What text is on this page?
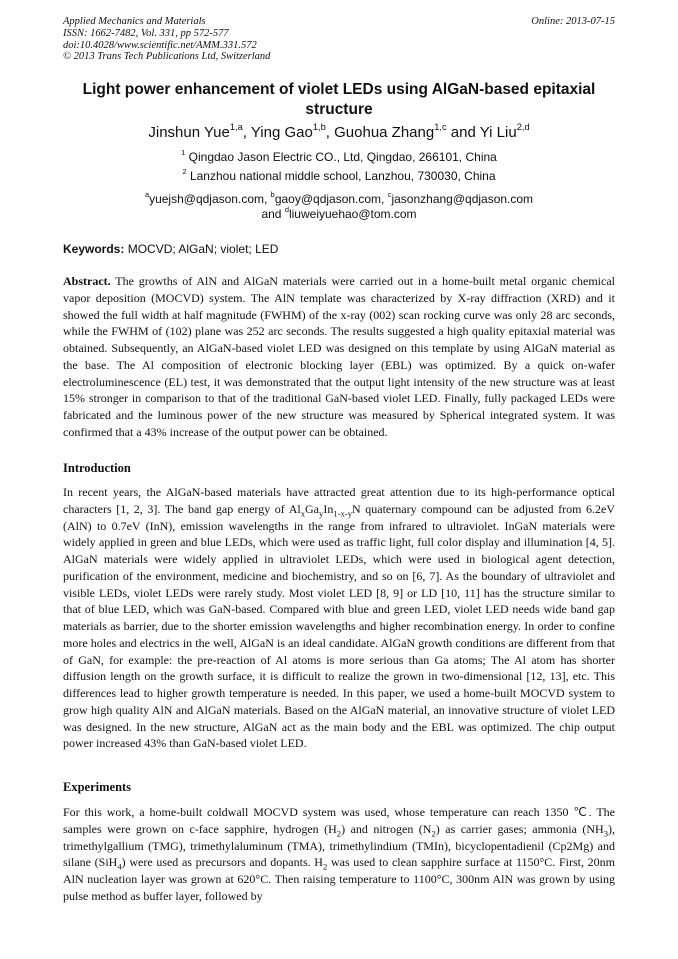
Applied Mechanics and Materials
ISSN: 1662-7482, Vol. 331, pp 572-577
doi:10.4028/www.scientific.net/AMM.331.572
© 2013 Trans Tech Publications Ltd, Switzerland
Online: 2013-07-15
Light power enhancement of violet LEDs using AlGaN-based epitaxial structure
Jinshun Yue$^{1,a}$, Ying Gao$^{1,b}$, Guohua Zhang$^{1,c}$ and Yi Liu$^{2,d}$
$^1$ Qingdao Jason Electric CO., Ltd, Qingdao, 266101, China
$^2$ Lanzhou national middle school, Lanzhou, 730030, China
$^a$yuejsh@qdjason.com, $^b$gaoy@qdjason.com, $^c$jasonzhang@qdjason.com
and $^d$liuweiyuehao@tom.com
Keywords: MOCVD; AlGaN; violet; LED
Abstract. The growths of AlN and AlGaN materials were carried out in a home-built metal organic chemical vapor deposition (MOCVD) system. The AlN template was characterized by X-ray diffraction (XRD) and it showed the full width at half magnitude (FWHM) of the x-ray (002) scan rocking curve was only 28 arc seconds, while the FWHM of (102) plane was 252 arc seconds. The results suggested a high quality epitaxial material was obtained. Subsequently, an AlGaN-based violet LED was designed on this template by using AlGaN material as the base. The Al composition of electronic blocking layer (EBL) was optimized. By a quick on-wafer electroluminescence (EL) test, it was demonstrated that the output light intensity of the new structure was at least 15% stronger in comparison to that of the traditional GaN-based violet LED. Finally, fully packaged LEDs were fabricated and the luminous power of the new structure was measured by Spherical integrated system. It was confirmed that a 43% increase of the output power can be obtained.
Introduction
In recent years, the AlGaN-based materials have attracted great attention due to its high-performance optical characters [1, 2, 3]. The band gap energy of $Al_xGa_yIn_{1-x-y}N$ quaternary compound can be adjusted from 6.2eV (AlN) to 0.7eV (InN), emission wavelengths in the range from infrared to ultraviolet. InGaN materials were widely applied in green and blue LEDs, which were used as traffic light, full color display and illumination [4, 5]. AlGaN materials were widely applied in ultraviolet LEDs, which were used in biological agent detection, purification of the environment, medicine and biochemistry, and so on [6, 7]. As the boundary of ultraviolet and visible LEDs, violet LEDs were rarely study. Most violet LED [8, 9] or LD [10, 11] has the structure similar to that of blue LED, which was GaN-based. Compared with blue and green LED, violet LED needs wide band gap materials as barrier, due to the shorter emission wavelengths and higher recombination energy. In order to confine more holes and electrics in the well, AlGaN is an ideal candidate. AlGaN growth conditions are different from that of GaN, for example: the pre-reaction of Al atoms is more serious than Ga atoms; The Al atom has shorter diffusion length on the growth surface, it is difficult to realize the grown in two-dimensional [12, 13], etc. This differences lead to higher growth temperature is needed. In this paper, we used a home-built MOCVD system to grow high quality AlN and AlGaN materials. Based on the AlGaN material, an innovative structure of violet LED was designed. In the new structure, AlGaN act as the main body and the EBL was optimized. The chip output power increased 43% than GaN-based violet LED.
Experiments
For this work, a home-built coldwall MOCVD system was used, whose temperature can reach 1350 ℃. The samples were grown on c-face sapphire, hydrogen $(H_2)$ and nitrogen $(N_2)$ as carrier gases; ammonia $(NH_3)$, trimethylgallium (TMG), trimethylaluminum (TMA), trimethylindium (TMIn), bicyclopentadienil (Cp2Mg) and silane (SiH$_4$) were used as precursors and dopants. $H_2$ was used to clean sapphire surface at 1150°C. First, 20nm AlN nucleation layer was grown at 620°C. Then raising temperature to 1100°C, 300nm AlN was grown by using pulse method as buffer layer, followed by
